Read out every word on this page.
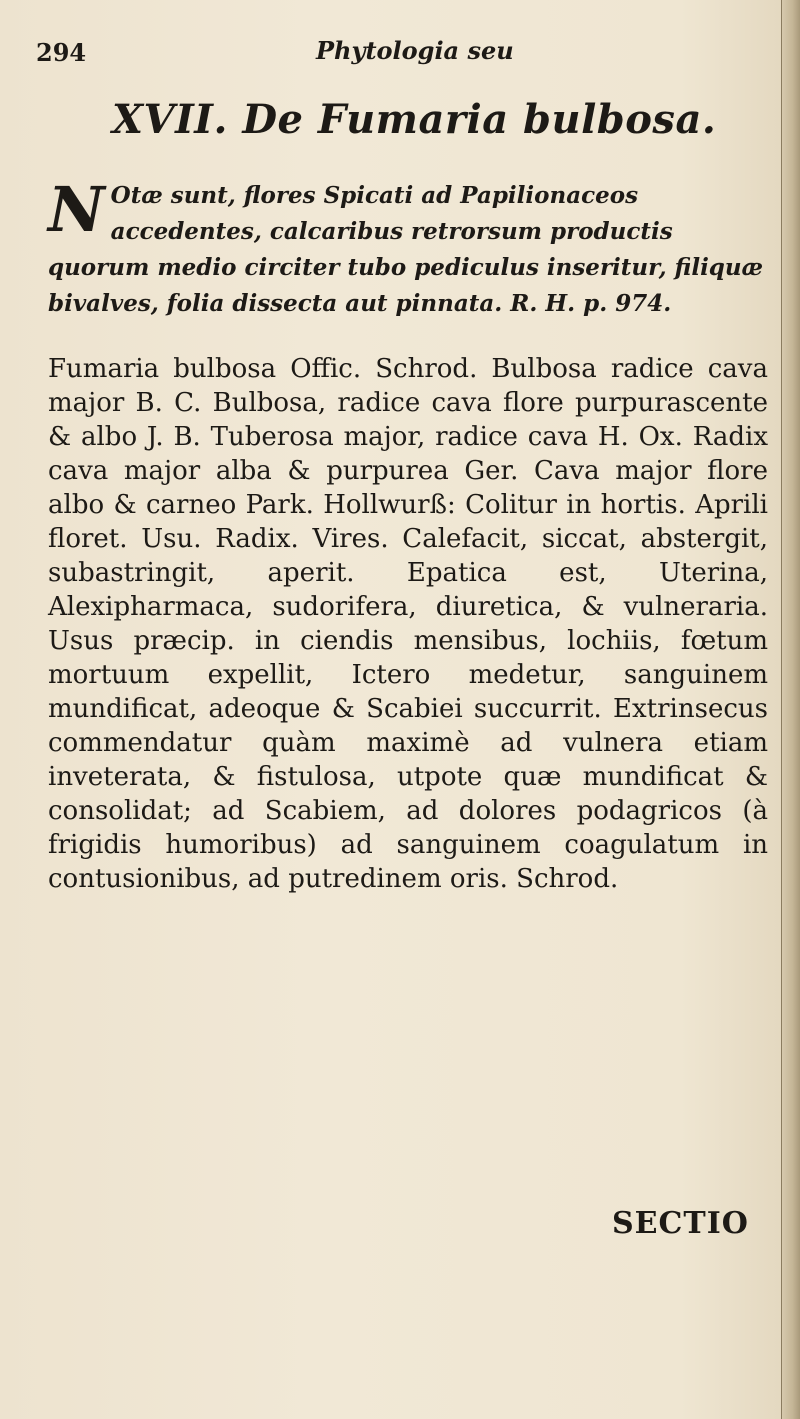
294	Phytologia seu
XVII. De Fumaria bulbosa.
N Otæ sunt, flores Spicati ad Papilionaceos accedentes, calcaribus retrorsum productis quorum medio circiter tubo pediculus inseritur, filiquæ bivalves, folia dissecta aut pinnata. R. H. p. 974.
Fumaria bulbosa Offic. Schrod. Bulbosa radice cava major B. C. Bulbosa, radice cava flore purpurascente & albo J. B. Tuberosa major, radice cava H. Ox. Radix cava major alba & purpurea Ger. Cava major flore albo & carneo Park. Hollwurß: Colitur in hortis. Aprili floret. Usu. Radix. Vires. Calefacit, siccat, abstergit, subastringit, aperit. Epatica est, Uterina, Alexipharmaca, sudorifera, diuretica, & vulneraria. Usus præcip. in ciendis mensibus, lochiis, fœtum mortuum expellit, Ictero medetur, sanguinem mundificat, adeoque & Scabiei succurrit. Extrinsecus commendatur quàm maximè ad vulnera etiam inveterata, & fistulosa, utpote quæ mundificat & consolidat; ad Scabiem, ad dolores podagricos (à frigidis humoribus) ad sanguinem coagulatum in contusionibus, ad putredinem oris. Schrod.
SECTIO
